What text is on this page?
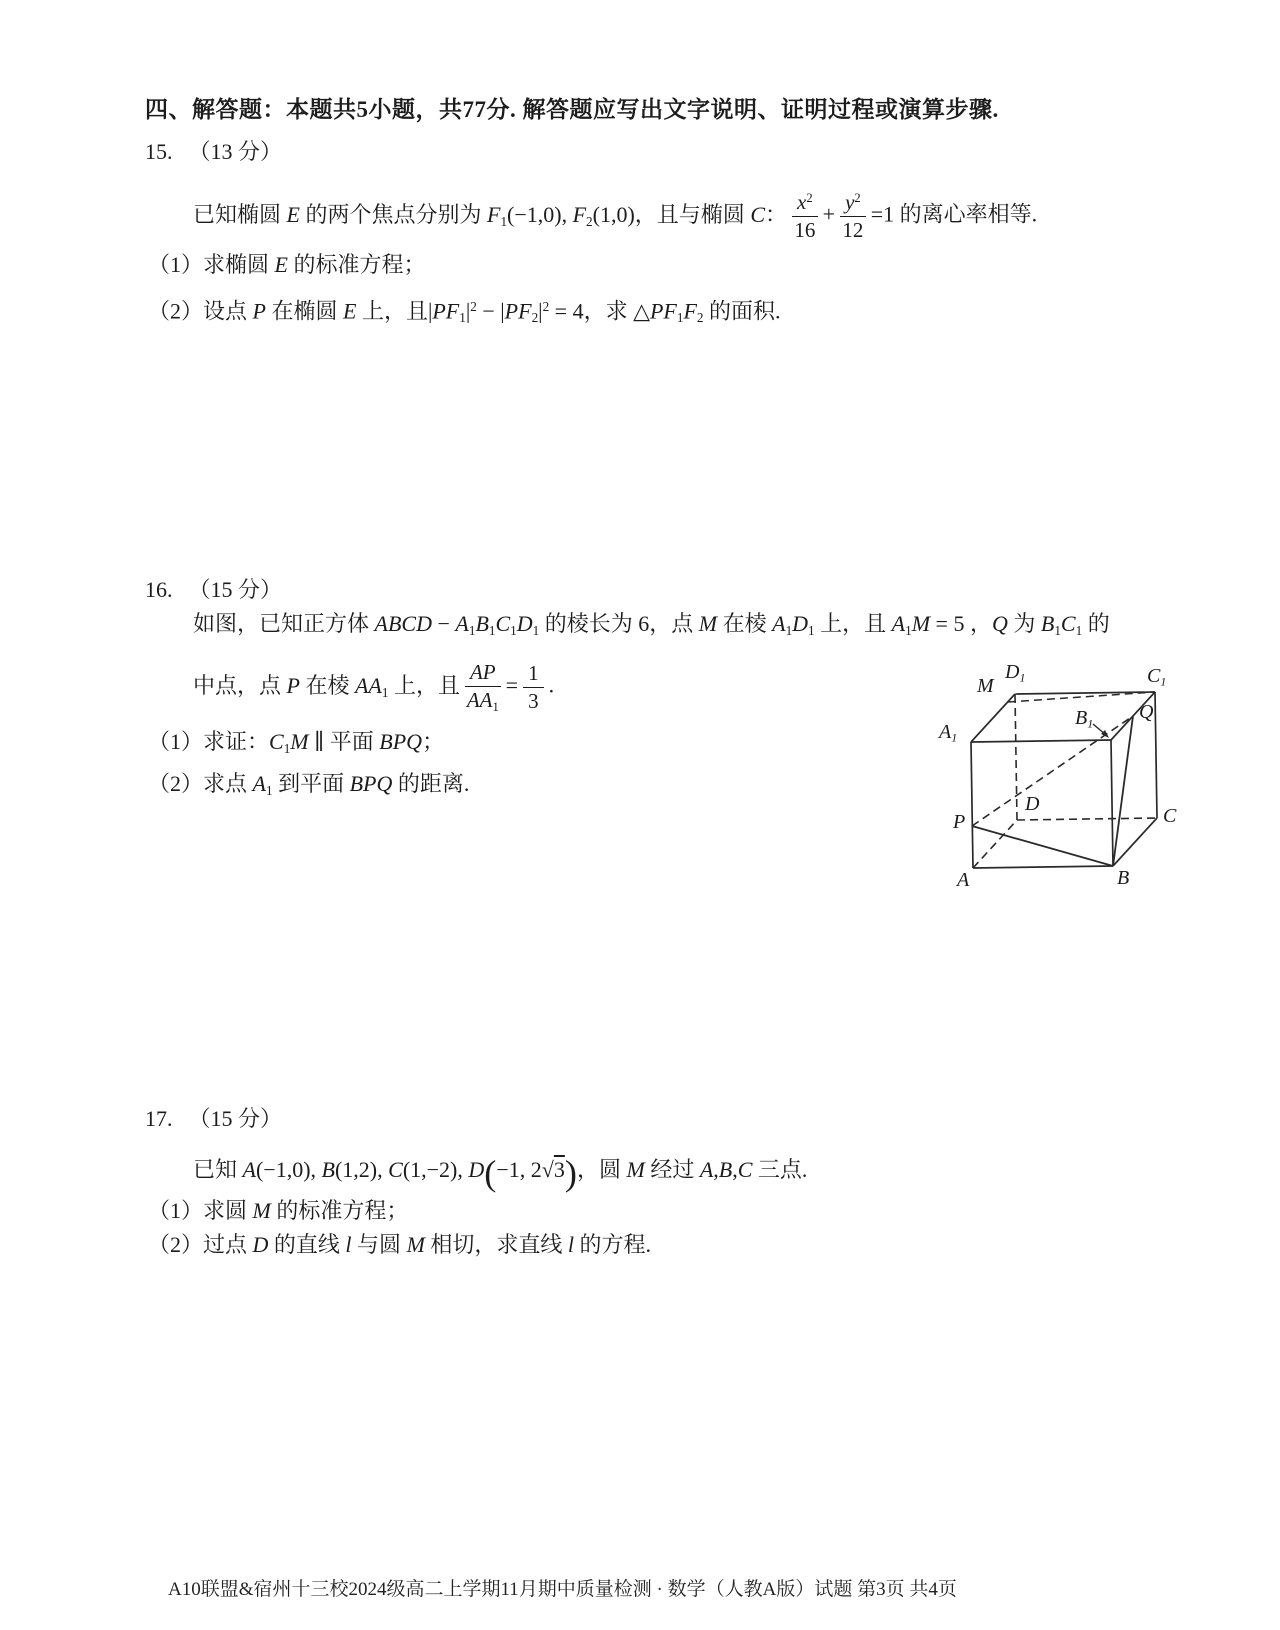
四、解答题：本题共5小题，共77分. 解答题应写出文字说明、证明过程或演算步骤.
15. （13 分）
已知椭圆 E 的两个焦点分别为 $F_1(-1,0)$, $F_2(1,0)$，且与椭圆 C： $\frac{x^2}{16} + \frac{y^2}{12} =1$ 的离心率相等.
（1）求椭圆 E 的标准方程；
（2）设点 P 在椭圆 E 上，且$|PF_1|^2 - |PF_2|^2 = 4$，求 $\triangle PF_1F_2$ 的面积.
16. （15 分）
如图，已知正方体 ABCD − $A_1B_1C_1D_1$ 的棱长为 6，点 M 在棱 $A_1D_1$ 上，且 $A_1M = 5$ ，Q 为 $B_1C_1$ 的
中点，点 P 在棱 $AA_1$ 上，且 $\frac{AP}{AA_1} = \frac{1}{3}$ .
（1）求证：$C_1M$ ∥ 平面 BPQ；
（2）求点 $A_1$ 到平面 BPQ 的距离.
$D_1$
M	$C_1$
$A_1$
$B_1$
Q
P
D
C
A	B
17. （15 分）
已知 A(−1,0), B(1,2), C(1,−2), D(−1, 2√3)，圆 M 经过 A,B,C 三点.
（1）求圆 M 的标准方程；
（2）过点 D 的直线 l 与圆 M 相切，求直线 l 的方程.
A10联盟&宿州十三校2024级高二上学期11月期中质量检测 · 数学（人教A版）试题 第3页 共4页
